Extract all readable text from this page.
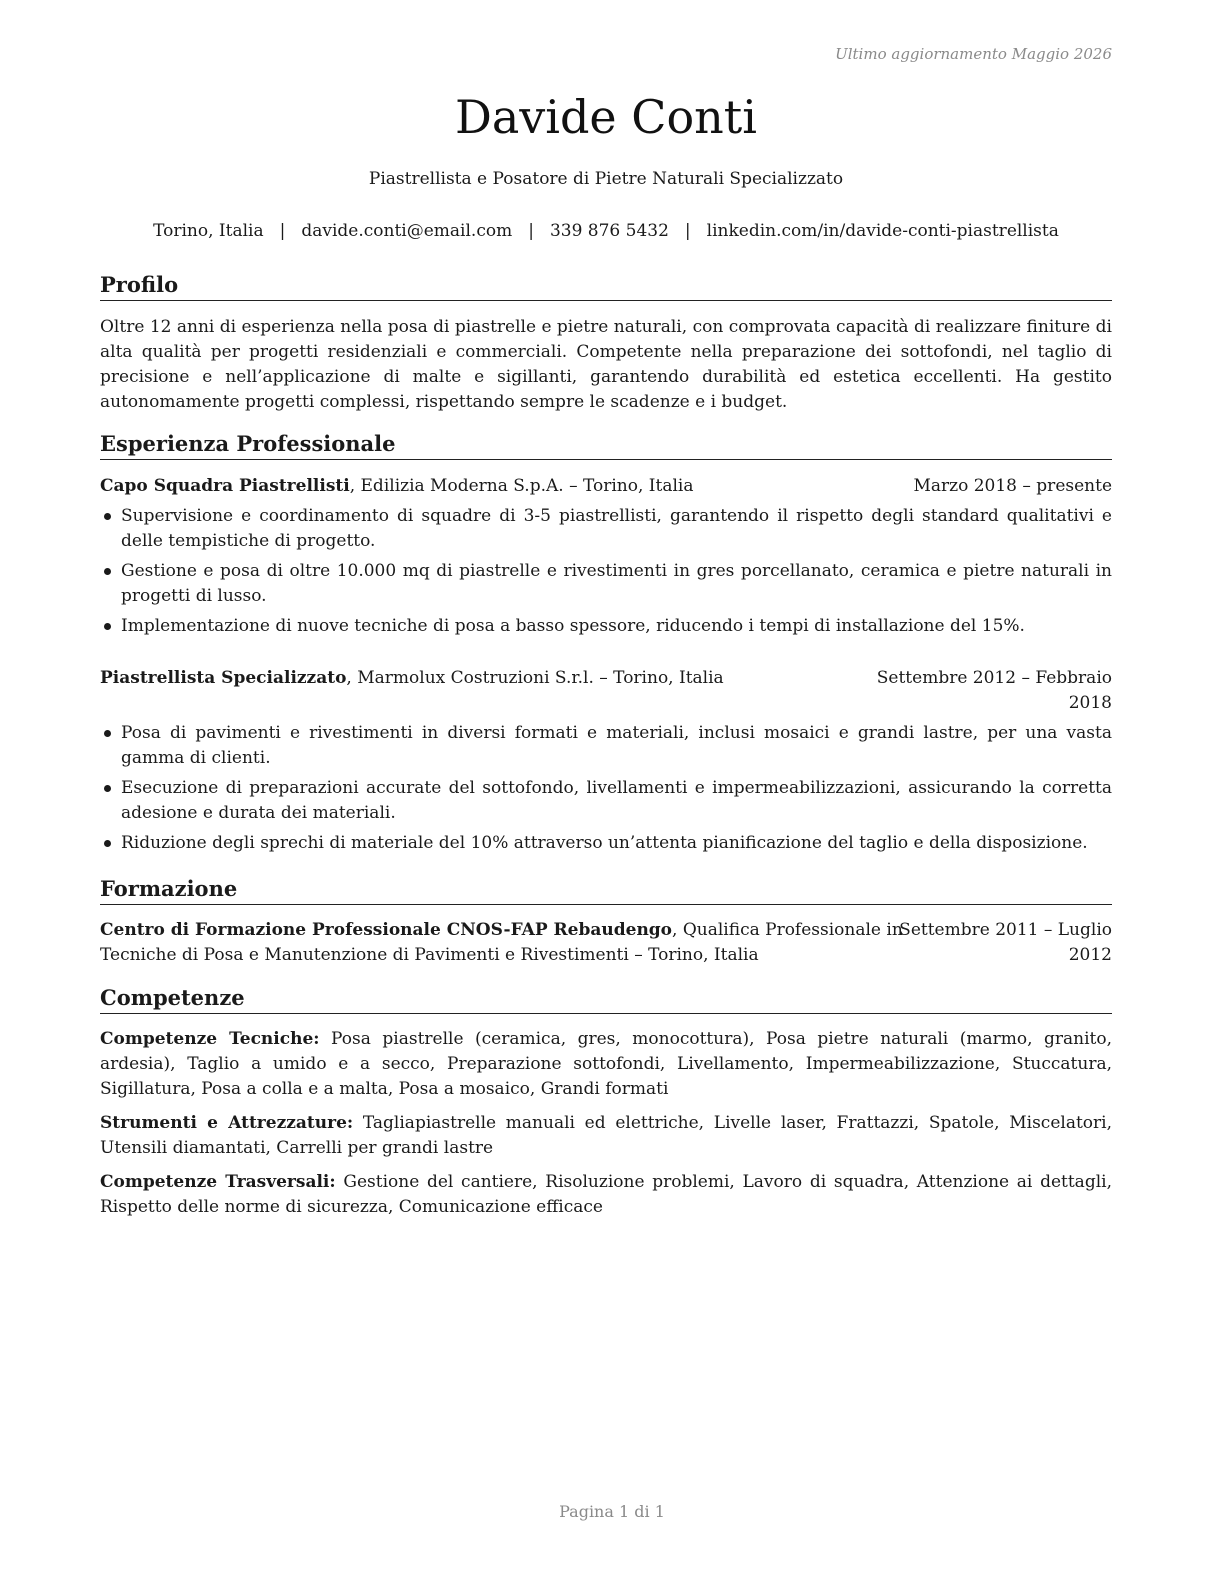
Ultimo aggiornamento Maggio 2026
Davide Conti
Piastrellista e Posatore di Pietre Naturali Specializzato
Torino, Italia | davide.conti@email.com | 339 876 5432 | linkedin.com/in/davide-conti-piastrellista
Profilo
Oltre 12 anni di esperienza nella posa di piastrelle e pietre naturali, con comprovata capacità di realizzare finiture di alta qualità per progetti residenziali e commerciali. Competente nella preparazione dei sottofondi, nel taglio di precisione e nell’applicazione di malte e sigillanti, garantendo durabilità ed estetica eccellenti. Ha gestito autonomamente progetti complessi, rispettando sempre le scadenze e i budget.
Esperienza Professionale
Capo Squadra Piastrellisti, Edilizia Moderna S.p.A. – Torino, Italia	Marzo 2018 – presente
Supervisione e coordinamento di squadre di 3-5 piastrellisti, garantendo il rispetto degli standard qualitativi e delle tempistiche di progetto.
Gestione e posa di oltre 10.000 mq di piastrelle e rivestimenti in gres porcellanato, ceramica e pietre naturali in progetti di lusso.
Implementazione di nuove tecniche di posa a basso spessore, riducendo i tempi di installazione del 15%.
Piastrellista Specializzato, Marmolux Costruzioni S.r.l. – Torino, Italia	Settembre 2012 – Febbraio
2018
Posa di pavimenti e rivestimenti in diversi formati e materiali, inclusi mosaici e grandi lastre, per una vasta gamma di clienti.
Esecuzione di preparazioni accurate del sottofondo, livellamenti e impermeabilizzazioni, assicurando la corretta adesione e durata dei materiali.
Riduzione degli sprechi di materiale del 10% attraverso un’attenta pianificazione del taglio e della disposizione.
Formazione
Centro di Formazione Professionale CNOS-FAP Rebaudengo, Qualifica Professionale in
Tecniche di Posa e Manutenzione di Pavimenti e Rivestimenti – Torino, Italia
Settembre 2011 – Luglio
2012
Competenze
Competenze Tecniche: Posa piastrelle (ceramica, gres, monocottura), Posa pietre naturali (marmo, granito, ardesia), Taglio a umido e a secco, Preparazione sottofondi, Livellamento, Impermeabilizzazione, Stuccatura, Sigillatura, Posa a colla e a malta, Posa a mosaico, Grandi formati
Strumenti e Attrezzature: Tagliapiastrelle manuali ed elettriche, Livelle laser, Frattazzi, Spatole, Miscelatori, Utensili diamantati, Carrelli per grandi lastre
Competenze Trasversali: Gestione del cantiere, Risoluzione problemi, Lavoro di squadra, Attenzione ai dettagli, Rispetto delle norme di sicurezza, Comunicazione efficace
Pagina 1 di 1
